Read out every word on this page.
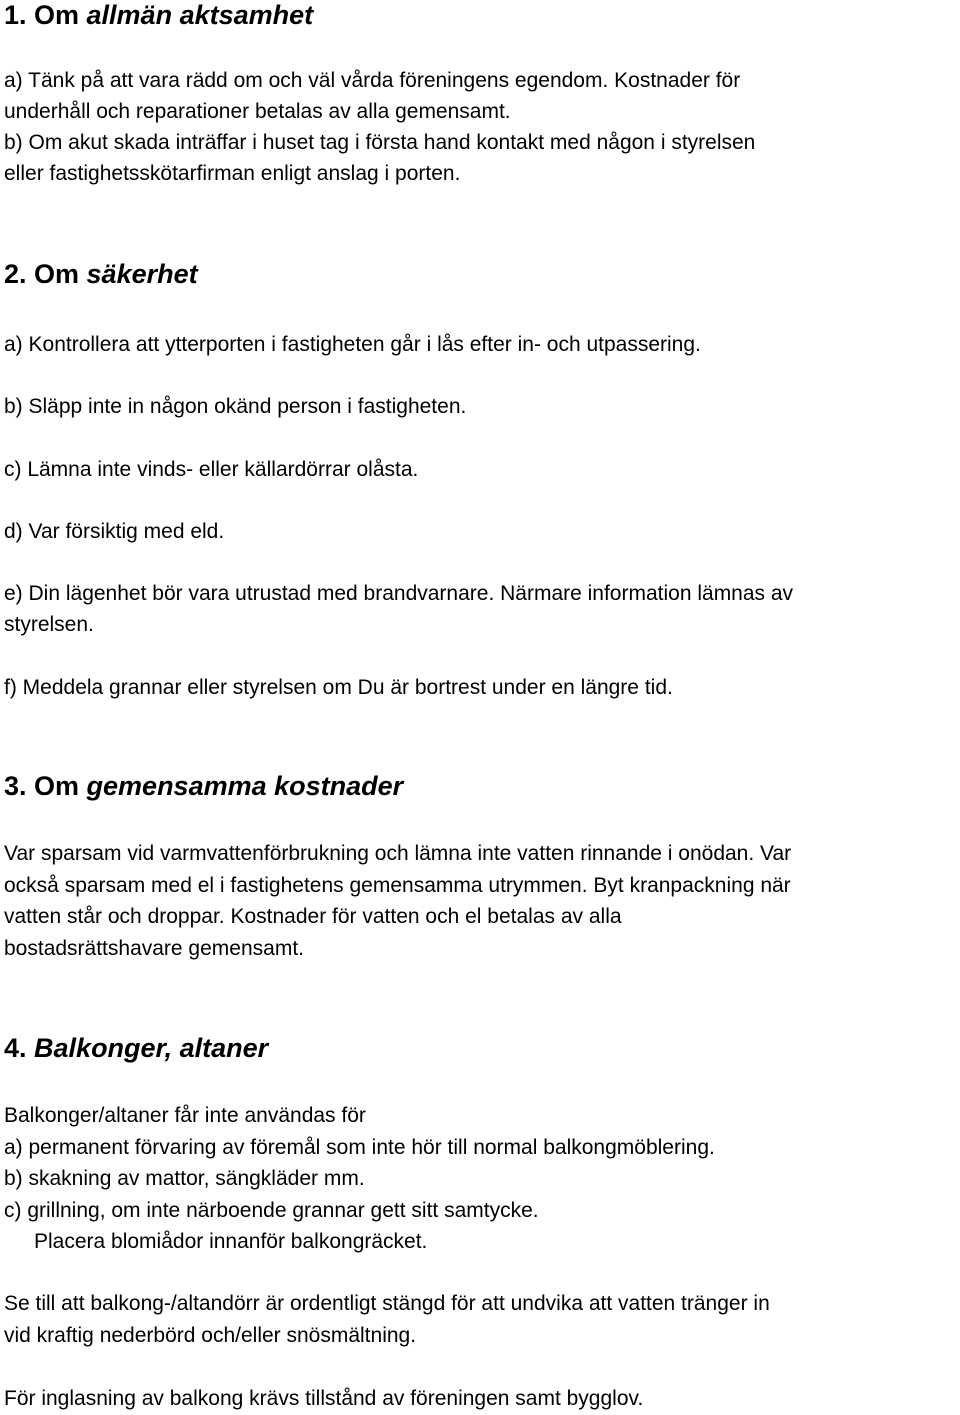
1. Om allmän aktsamhet

a) Tänk på att vara rädd om och väl vårda föreningens egendom. Kostnader för

underhåll och reparationer betalas av alla gemensamt.

b) Om akut skada inträffar i huset tag i första hand kontakt med någon i styrelsen

eller fastighetsskötarfirman enligt anslag i porten.

2. Om säkerhet

a) Kontrollera att ytterporten i fastigheten går i lås efter in- och utpassering.

b) Släpp inte in någon okänd person i fastigheten.

c) Lämna inte vinds- eller källardörrar olåsta.

d) Var försiktig med eld.

e) Din lägenhet bör vara utrustad med brandvarnare. Närmare information lämnas av

styrelsen.

f) Meddela grannar eller styrelsen om Du är bortrest under en längre tid.

3. Om gemensamma kostnader

Var sparsam vid varmvattenförbrukning och lämna inte vatten rinnande i onödan. Var

också sparsam med el i fastighetens gemensamma utrymmen. Byt kranpackning när

vatten står och droppar. Kostnader för vatten och el betalas av alla

bostadsrättshavare gemensamt.

4. Balkonger, altaner

Balkonger/altaner får inte användas för

a) permanent förvaring av föremål som inte hör till normal balkongmöblering.

b) skakning av mattor, sängkläder mm.

c) grillning, om inte närboende grannar gett sitt samtycke.

Placera blomiådor innanför balkongräcket.

Se till att balkong-/altandörr är ordentligt stängd för att undvika att vatten tränger in

vid kraftig nederbörd och/eller snösmältning.

För inglasning av balkong krävs tillstånd av föreningen samt bygglov.
